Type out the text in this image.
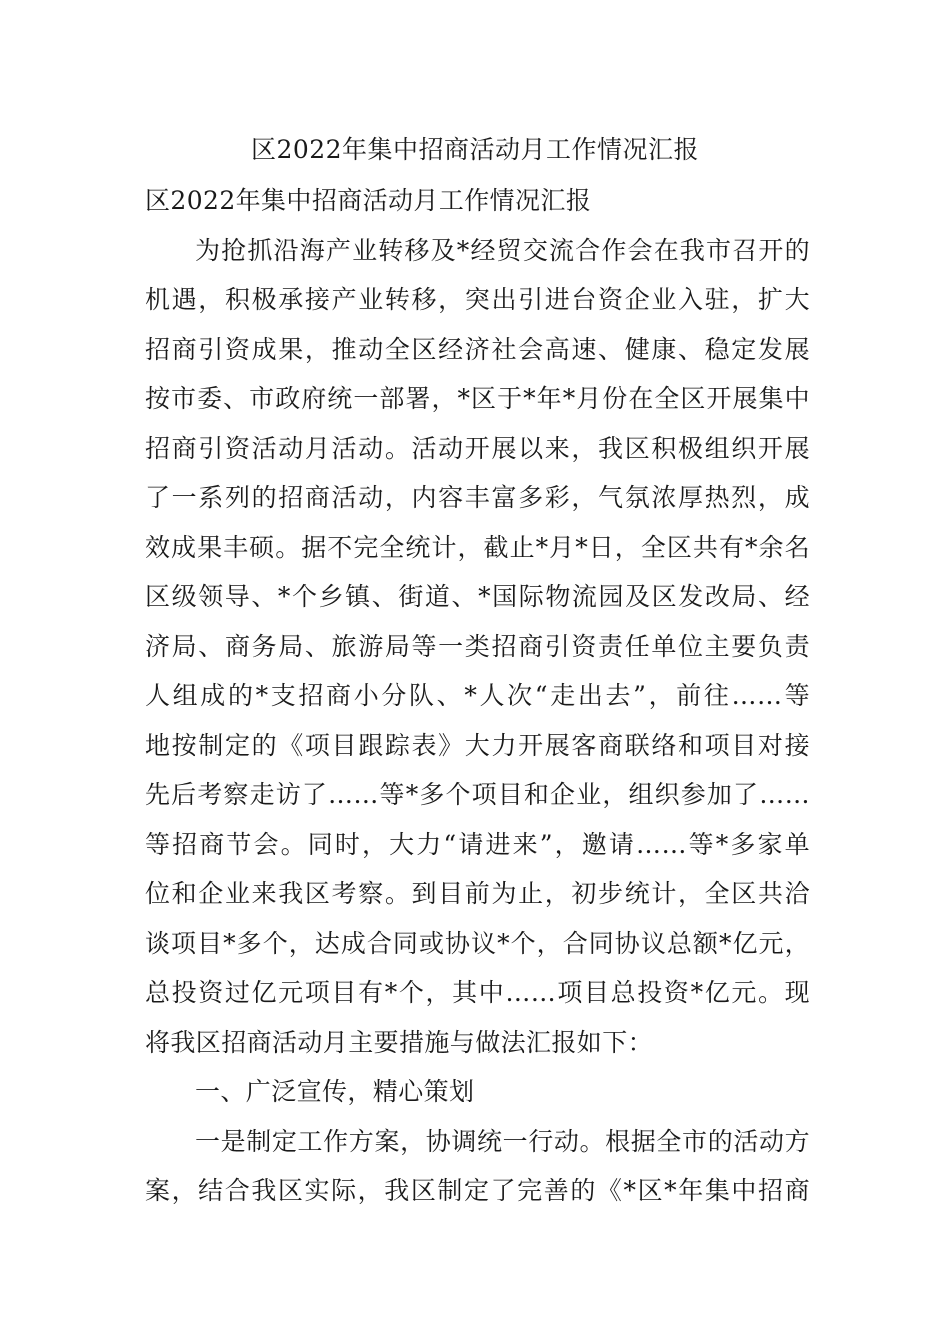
区2022年集中招商活动月工作情况汇报
区2022年集中招商活动月工作情况汇报
为抢抓沿海产业转移及*经贸交流合作会在我市召开的
机遇，积极承接产业转移，突出引进台资企业入驻，扩大
招商引资成果，推动全区经济社会高速、健康、稳定发展
按市委、市政府统一部署，*区于*年*月份在全区开展集中
招商引资活动月活动。活动开展以来，我区积极组织开展
了一系列的招商活动，内容丰富多彩，气氛浓厚热烈，成
效成果丰硕。据不完全统计，截止*月*日，全区共有*余名
区级领导、*个乡镇、街道、*国际物流园及区发改局、经
济局、商务局、旅游局等一类招商引资责任单位主要负责
人组成的*支招商小分队、*人次“走出去”，前往……等
地按制定的《项目跟踪表》大力开展客商联络和项目对接
先后考察走访了……等*多个项目和企业，组织参加了……
等招商节会。同时，大力“请进来”，邀请……等*多家单
位和企业来我区考察。到目前为止，初步统计，全区共洽
谈项目*多个，达成合同或协议*个，合同协议总额*亿元，
总投资过亿元项目有*个，其中……项目总投资*亿元。现
将我区招商活动月主要措施与做法汇报如下：
一、广泛宣传，精心策划
一是制定工作方案，协调统一行动。根据全市的活动方
案，结合我区实际，我区制定了完善的《*区*年集中招商
